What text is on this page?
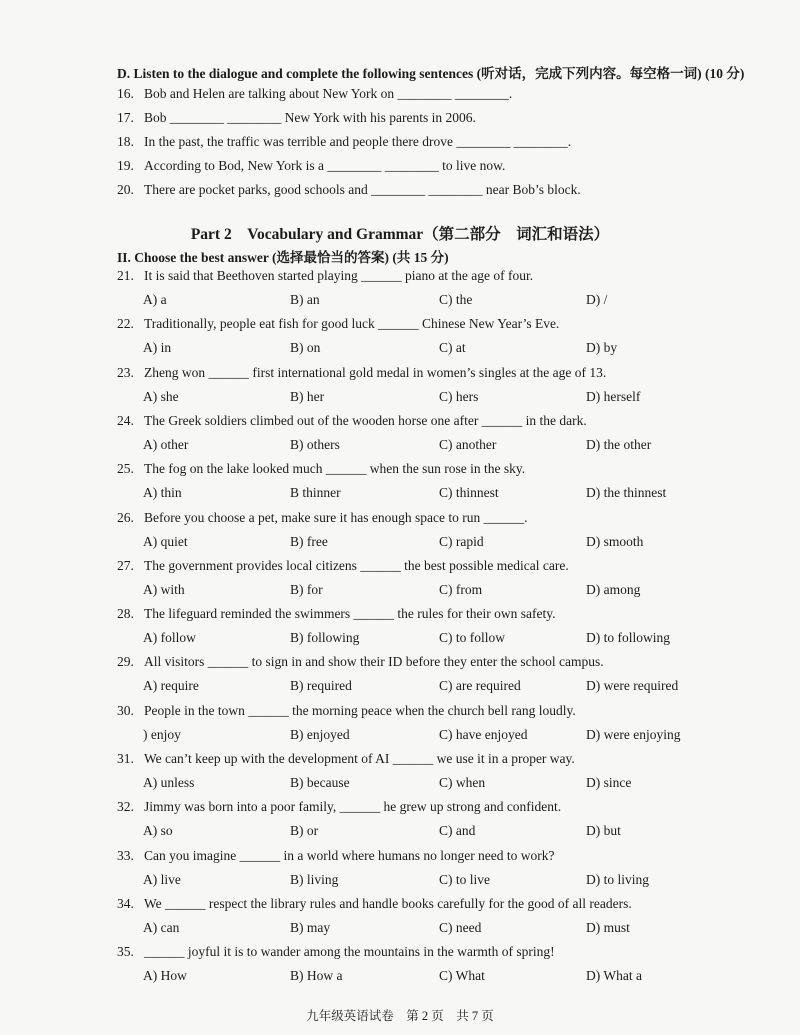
D. Listen to the dialogue and complete the following sentences (听对话，完成下列内容。每空格一词) (10 分)
16. Bob and Helen are talking about New York on ________ ________.
17. Bob ________ ________ New York with his parents in 2006.
18. In the past, the traffic was terrible and people there drove ________ ________.
19. According to Bod, New York is a ________ ________ to live now.
20. There are pocket parks, good schools and ________ ________ near Bob’s block.
Part 2　Vocabulary and Grammar（第二部分　词汇和语法）
II. Choose the best answer (选择最恰当的答案) (共 15 分)
21. It is said that Beethoven started playing ______ piano at the age of four.
A) a	B) an	C) the	D) /
22. Traditionally, people eat fish for good luck ______ Chinese New Year’s Eve.
A) in	B) on	C) at	D) by
23. Zheng won ______ first international gold medal in women’s singles at the age of 13.
A) she	B) her	C) hers	D) herself
24. The Greek soldiers climbed out of the wooden horse one after ______ in the dark.
A) other	B) others	C) another	D) the other
25. The fog on the lake looked much ______ when the sun rose in the sky.
A) thin	B thinner	C) thinnest	D) the thinnest
26. Before you choose a pet, make sure it has enough space to run ______.
A) quiet	B) free	C) rapid	D) smooth
27. The government provides local citizens ______ the best possible medical care.
A) with	B) for	C) from	D) among
28. The lifeguard reminded the swimmers ______ the rules for their own safety.
A) follow	B) following	C) to follow	D) to following
29. All visitors ______ to sign in and show their ID before they enter the school campus.
A) require	B) required	C) are required	D) were required
30. People in the town ______ the morning peace when the church bell rang loudly.
) enjoy	B) enjoyed	C) have enjoyed	D) were enjoying
31. We can’t keep up with the development of AI ______ we use it in a proper way.
A) unless	B) because	C) when	D) since
32. Jimmy was born into a poor family, ______ he grew up strong and confident.
A) so	B) or	C) and	D) but
33. Can you imagine ______ in a world where humans no longer need to work?
A) live	B) living	C) to live	D) to living
34. We ______ respect the library rules and handle books carefully for the good of all readers.
A) can	B) may	C) need	D) must
35. ______ joyful it is to wander among the mountains in the warmth of spring!
A) How	B) How a	C) What	D) What a
九年级英语试卷　第 2 页　共 7 页
